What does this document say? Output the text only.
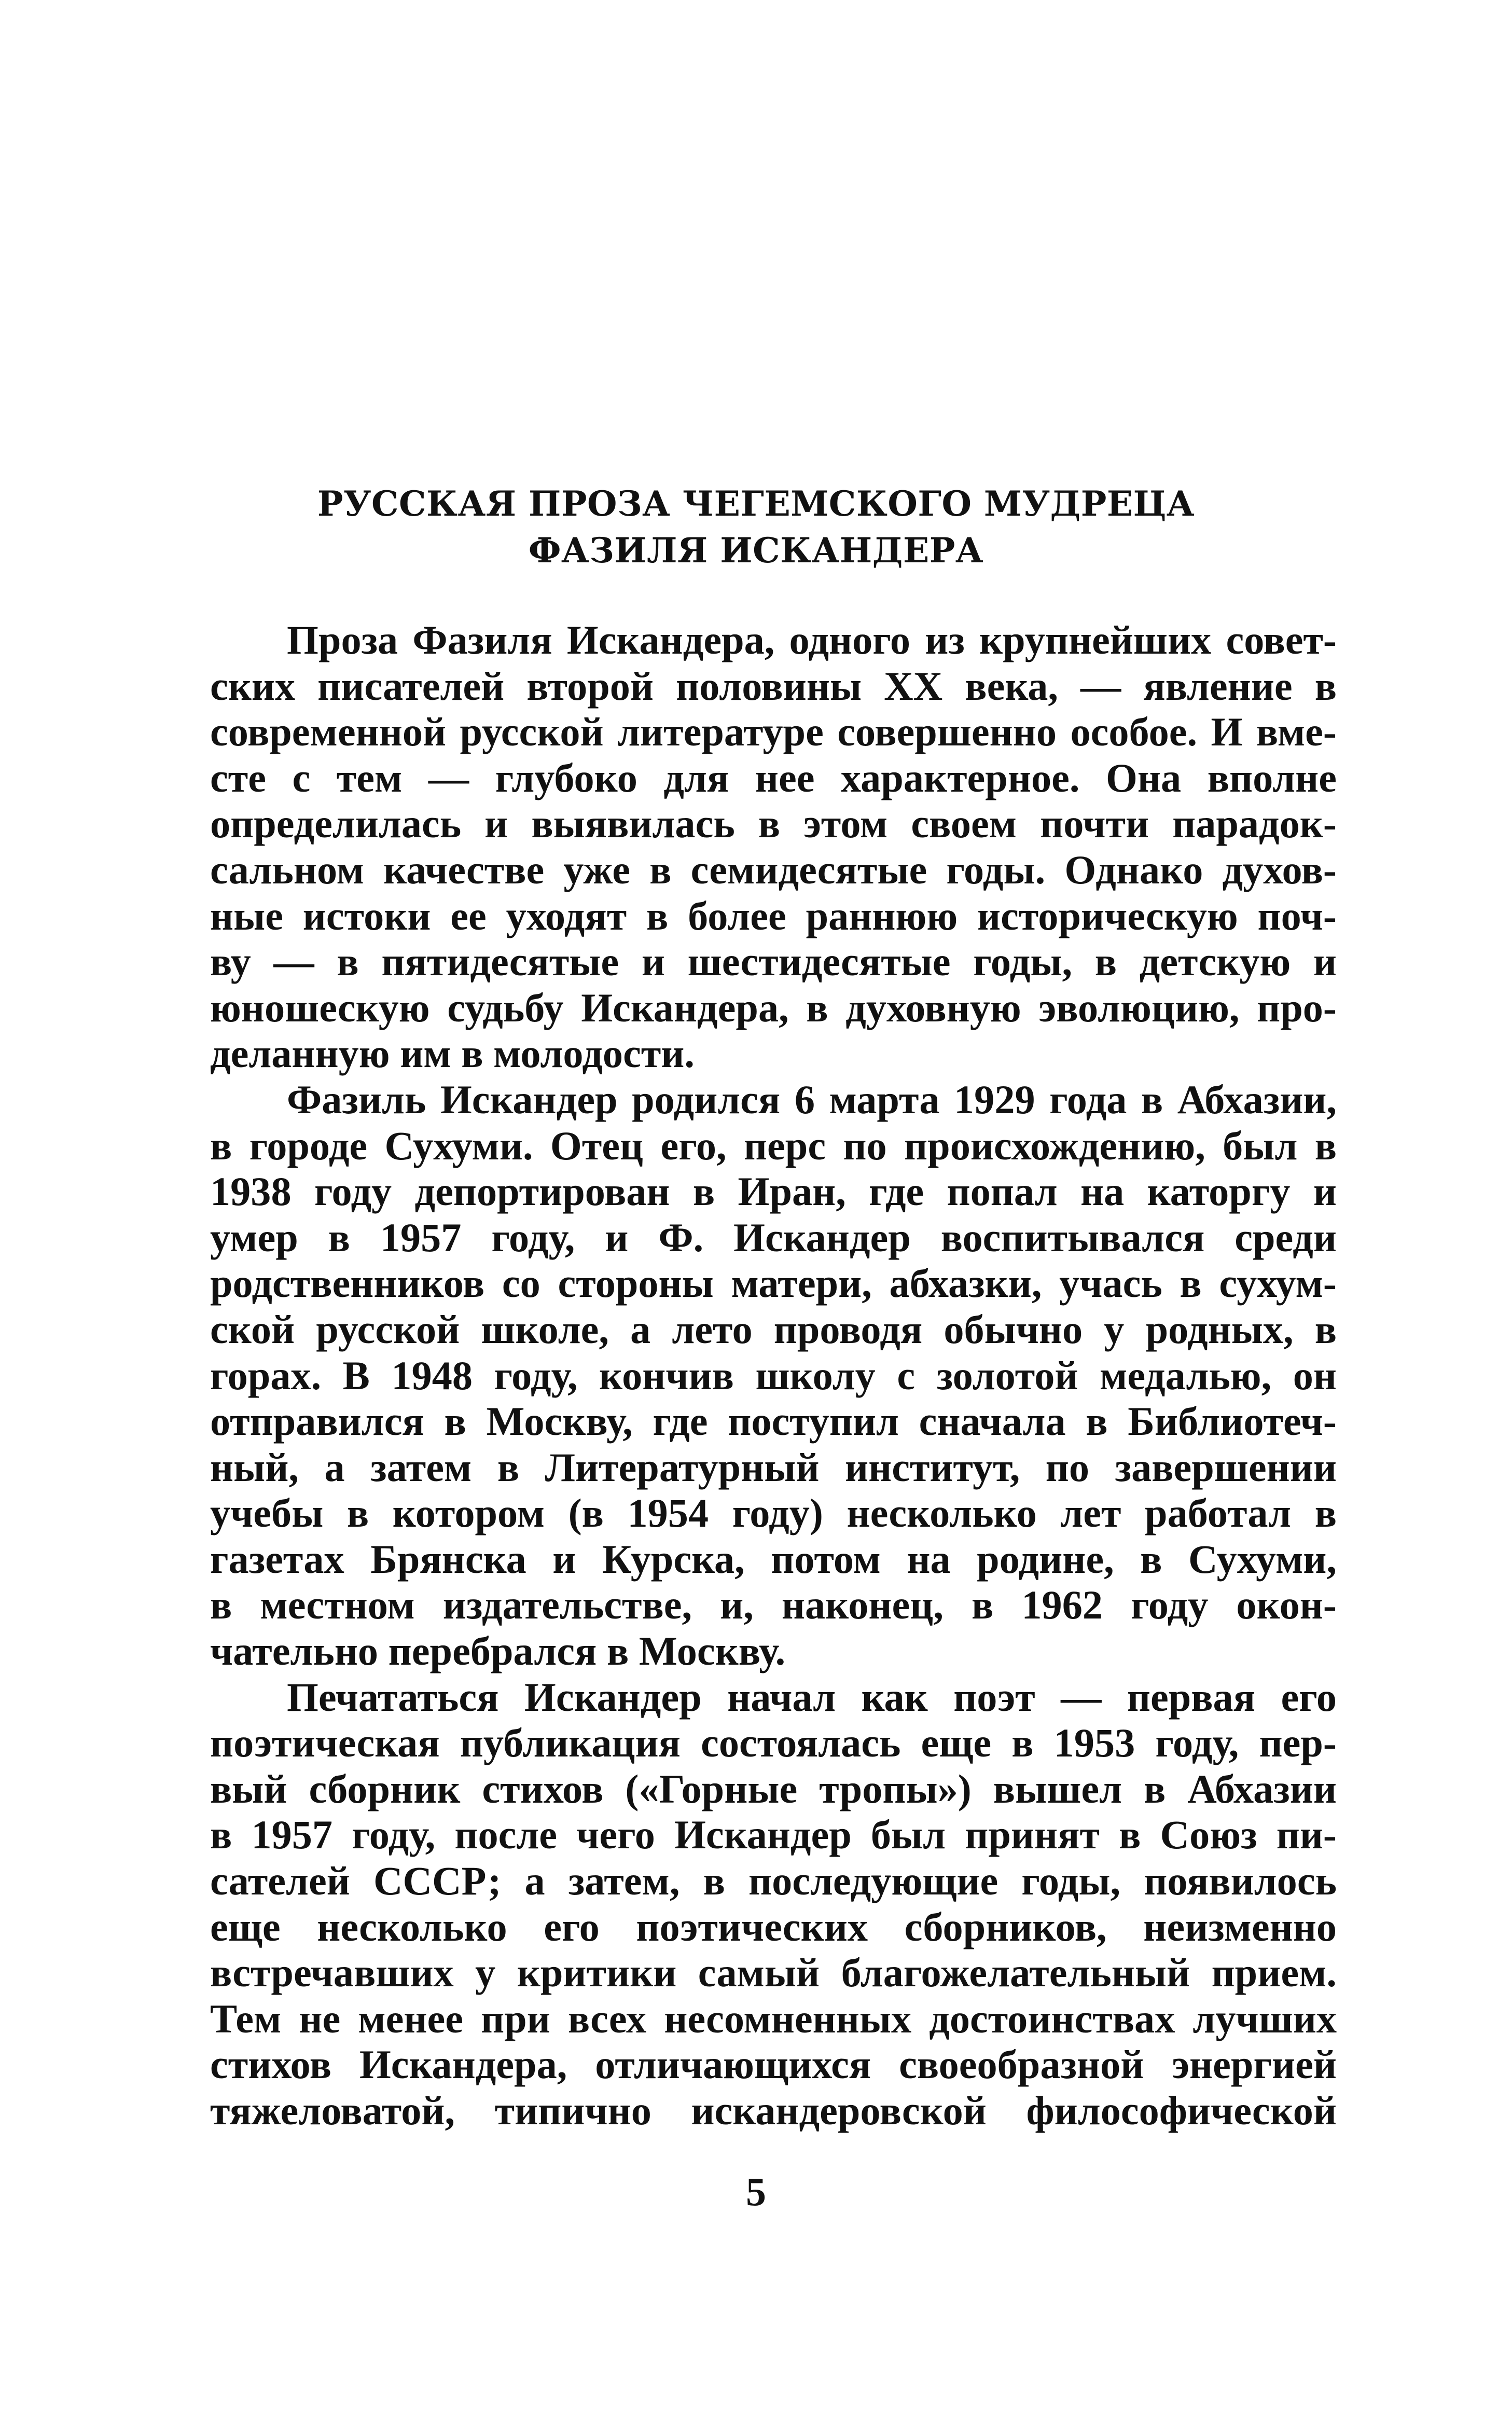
РУССКАЯ ПРОЗА ЧЕГЕМСКОГО МУДРЕЦА
ФАЗИЛЯ ИСКАНДЕРА
Проза Фазиля Искандера, одного из крупнейших совет-
ских писателей второй половины XX века, — явление в
современной русской литературе совершенно особое. И вме-
сте с тем — глубоко для нее характерное. Она вполне
определилась и выявилась в этом своем почти парадок-
сальном качестве уже в семидесятые годы. Однако духов-
ные истоки ее уходят в более раннюю историческую поч-
ву — в пятидесятые и шестидесятые годы, в детскую и
юношескую судьбу Искандера, в духовную эволюцию, про-
деланную им в молодости.
Фазиль Искандер родился 6 марта 1929 года в Абхазии,
в городе Сухуми. Отец его, перс по происхождению, был в
1938 году депортирован в Иран, где попал на каторгу и
умер в 1957 году, и Ф. Искандер воспитывался среди
родственников со стороны матери, абхазки, учась в сухум-
ской русской школе, а лето проводя обычно у родных, в
горах. В 1948 году, кончив школу с золотой медалью, он
отправился в Москву, где поступил сначала в Библиотеч-
ный, а затем в Литературный институт, по завершении
учебы в котором (в 1954 году) несколько лет работал в
газетах Брянска и Курска, потом на родине, в Сухуми,
в местном издательстве, и, наконец, в 1962 году окон-
чательно перебрался в Москву.
Печататься Искандер начал как поэт — первая его
поэтическая публикация состоялась еще в 1953 году, пер-
вый сборник стихов («Горные тропы») вышел в Абхазии
в 1957 году, после чего Искандер был принят в Союз пи-
сателей СССР; а затем, в последующие годы, появилось
еще несколько его поэтических сборников, неизменно
встречавших у критики самый благожелательный прием.
Тем не менее при всех несомненных достоинствах лучших
стихов Искандера, отличающихся своеобразной энергией
тяжеловатой, типично искандеровской философической
5
